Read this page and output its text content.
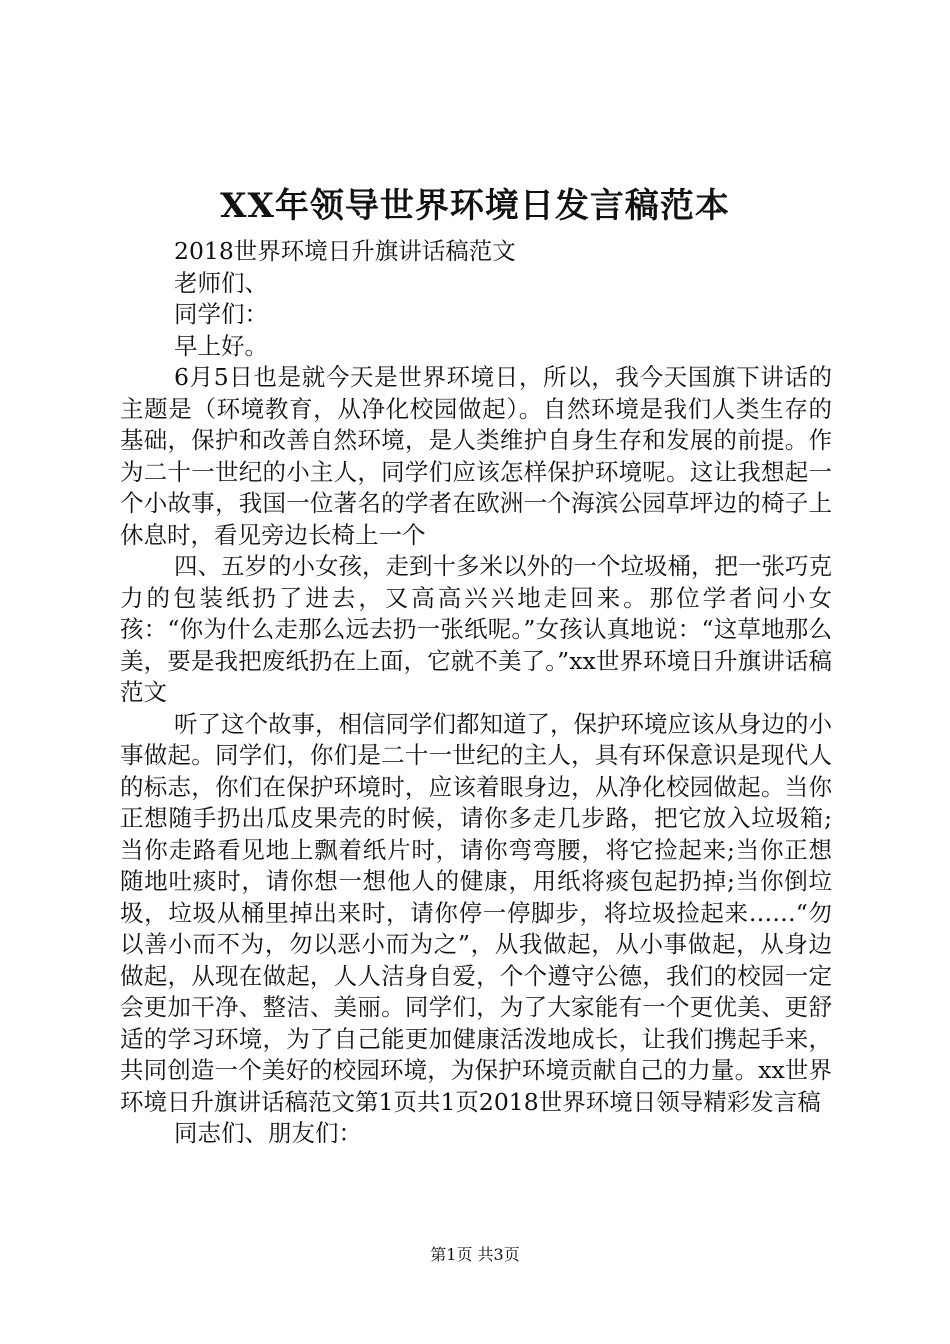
XX年领导世界环境日发言稿范本

2018世界环境日升旗讲话稿范文

老师们、

同学们：

早上好。

6月5日也是就今天是世界环境日，所以，我今天国旗下讲话的主题是（环境教育，从净化校园做起）。自然环境是我们人类生存的基础，保护和改善自然环境，是人类维护自身生存和发展的前提。作为二十一世纪的小主人，同学们应该怎样保护环境呢。这让我想起一个小故事，我国一位著名的学者在欧洲一个海滨公园草坪边的椅子上休息时，看见旁边长椅上一个

四、五岁的小女孩，走到十多米以外的一个垃圾桶，把一张巧克力的包装纸扔了进去，又高高兴兴地走回来。那位学者问小女孩：“你为什么走那么远去扔一张纸呢。”女孩认真地说：“这草地那么美，要是我把废纸扔在上面，它就不美了。”xx世界环境日升旗讲话稿范文

听了这个故事，相信同学们都知道了，保护环境应该从身边的小事做起。同学们，你们是二十一世纪的主人，具有环保意识是现代人的标志，你们在保护环境时，应该着眼身边，从净化校园做起。当你正想随手扔出瓜皮果壳的时候，请你多走几步路，把它放入垃圾箱;当你走路看见地上飘着纸片时，请你弯弯腰，将它捡起来;当你正想随地吐痰时，请你想一想他人的健康，用纸将痰包起扔掉;当你倒垃圾，垃圾从桶里掉出来时，请你停一停脚步，将垃圾捡起来……“勿以善小而不为，勿以恶小而为之”，从我做起，从小事做起，从身边做起，从现在做起，人人洁身自爱，个个遵守公德，我们的校园一定会更加干净、整洁、美丽。同学们，为了大家能有一个更优美、更舒适的学习环境，为了自己能更加健康活泼地成长，让我们携起手来，共同创造一个美好的校园环境，为保护环境贡献自己的力量。xx世界环境日升旗讲话稿范文第1页共1页2018世界环境日领导精彩发言稿

同志们、朋友们：

第1页 共3页
